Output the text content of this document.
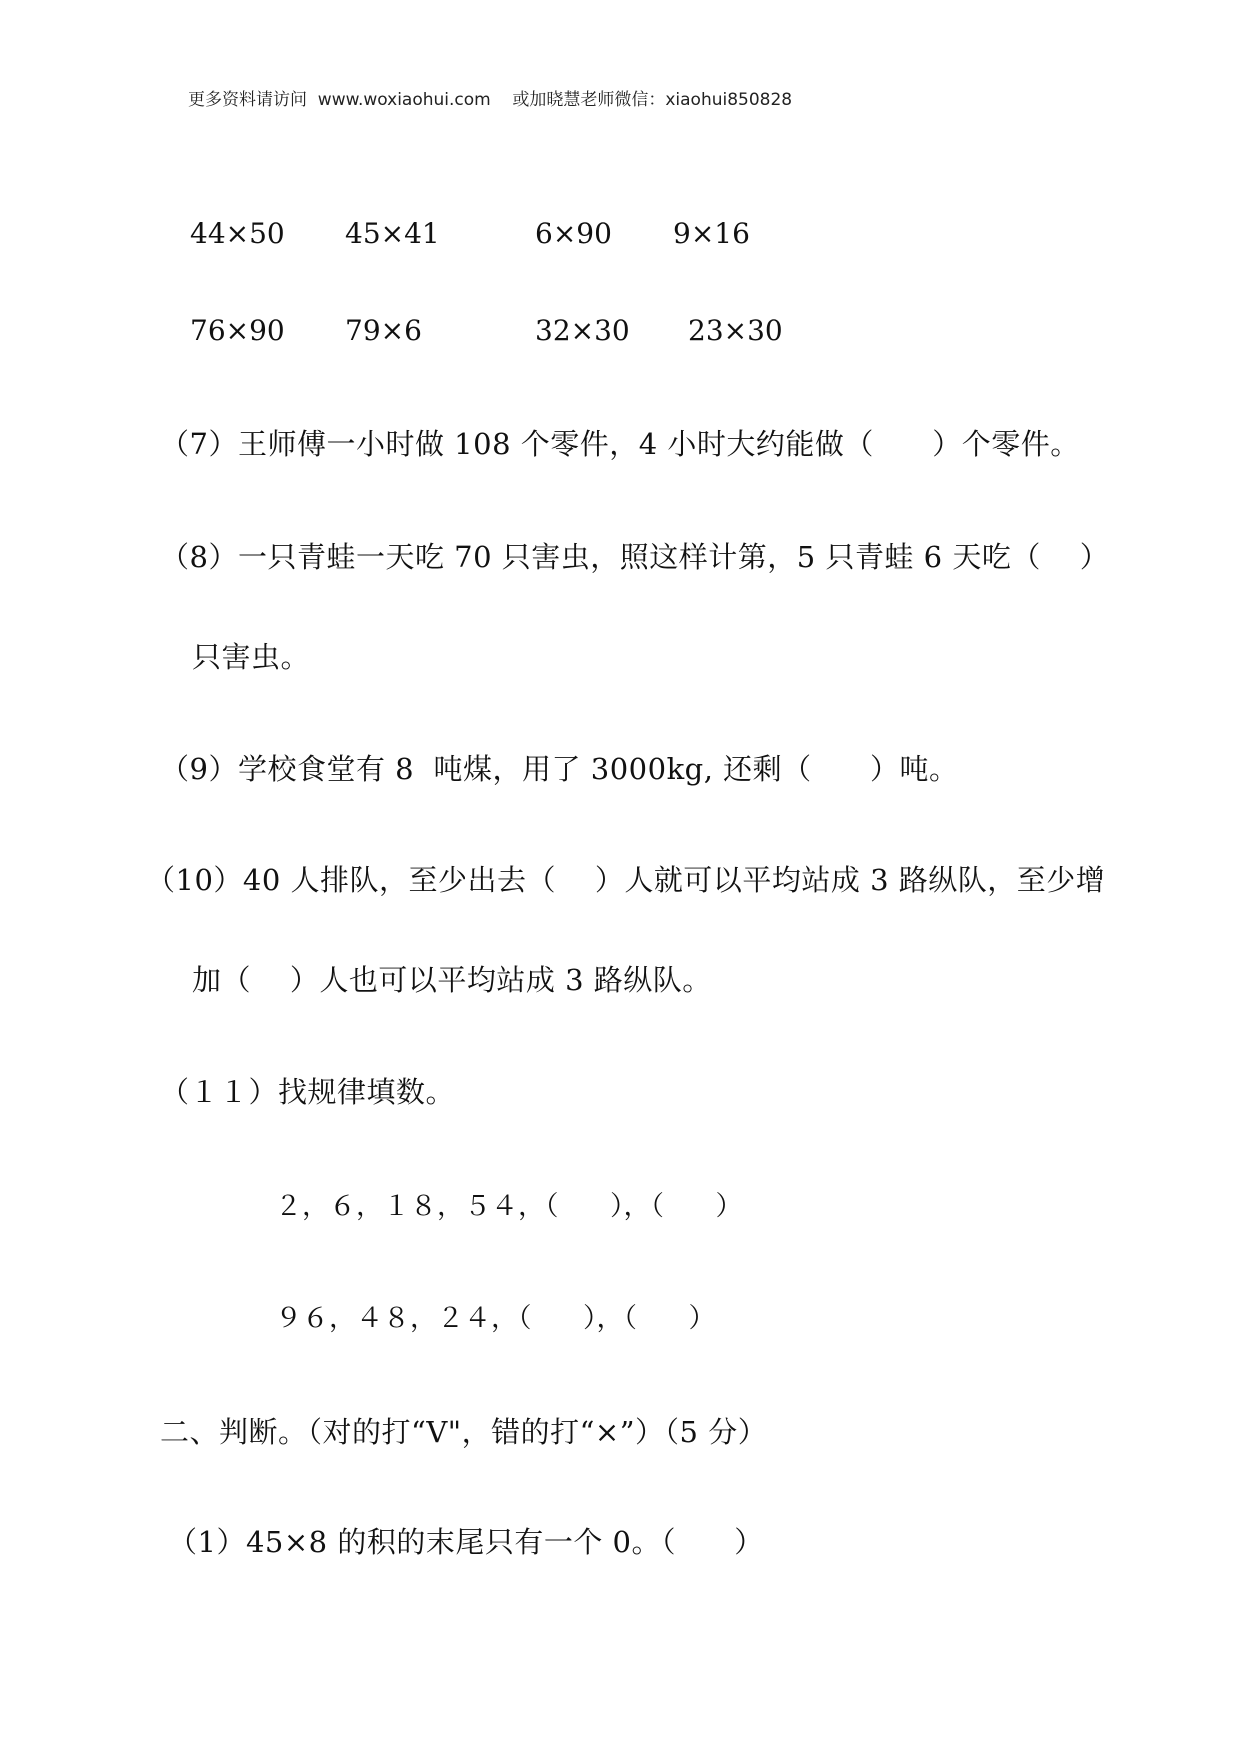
更多资料请访问  www.woxiaohui.com    或加晓慧老师微信：xiaohui850828
44×50 45×41	6×90 9×16
76×90 79×6	32×30 23×30
（7）王师傅一小时做 108 个零件，4 小时大约能做（      ）个零件。
（8）一只青蛙一天吃 70 只害虫，照这样计第，5 只青蛙 6 天吃（    ）
只害虫。
（9）学校食堂有 8  吨煤，用了 3000kg, 还剩（      ）吨。
（10）40 人排队，至少出去（    ）人就可以平均站成 3 路纵队，至少增
加（    ）人也可以平均站成 3 路纵队。
（１１）找规律填数。
２，６，１８，５４，（      ），（      ）
９６，４８，２４，（      ），（      ）
二、判断。（对的打“V"，错的打“×”）（5 分）
（1）45×8 的积的末尾只有一个 0。（      ）
